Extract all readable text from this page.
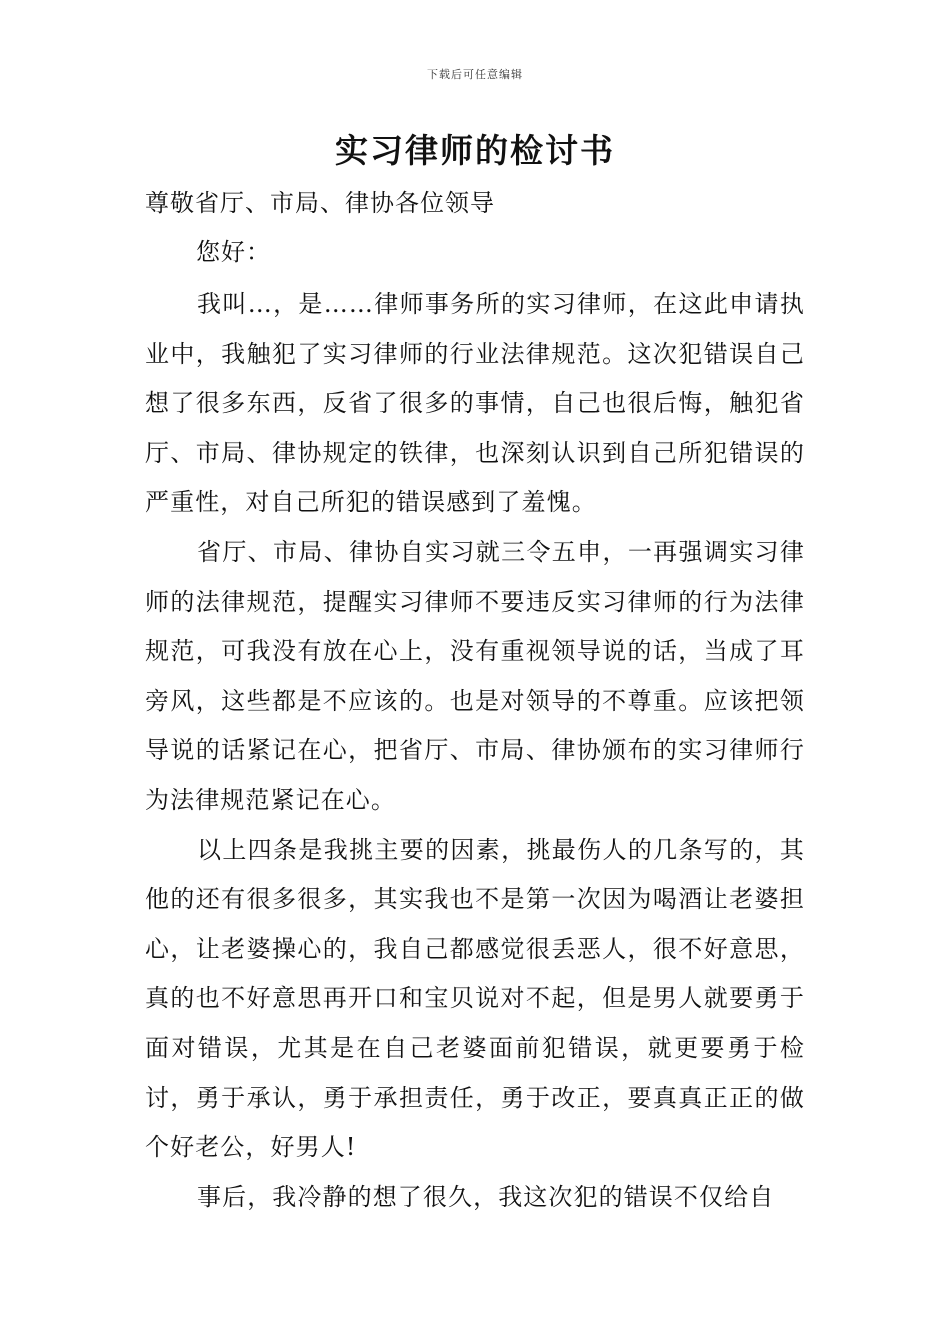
下载后可任意编辑
实习律师的检讨书
尊敬省厅、市局、律协各位领导
您好：

我叫…，是……律师事务所的实习律师，在这此申请执业中，我触犯了实习律师的行业法律规范。这次犯错误自己想了很多东西，反省了很多的事情，自己也很后悔，触犯省厅、市局、律协规定的铁律，也深刻认识到自己所犯错误的严重性，对自己所犯的错误感到了羞愧。

省厅、市局、律协自实习就三令五申，一再强调实习律师的法律规范，提醒实习律师不要违反实习律师的行为法律规范，可我没有放在心上，没有重视领导说的话，当成了耳旁风，这些都是不应该的。也是对领导的不尊重。应该把领导说的话紧记在心，把省厅、市局、律协颁布的实习律师行为法律规范紧记在心。

以上四条是我挑主要的因素，挑最伤人的几条写的，其他的还有很多很多，其实我也不是第一次因为喝酒让老婆担心，让老婆操心的，我自己都感觉很丢恶人，很不好意思，真的也不好意思再开口和宝贝说对不起，但是男人就要勇于面对错误，尤其是在自己老婆面前犯错误，就更要勇于检讨，勇于承认，勇于承担责任，勇于改正，要真真正正的做个好老公，好男人!

事后，我冷静的想了很久，我这次犯的错误不仅给自
